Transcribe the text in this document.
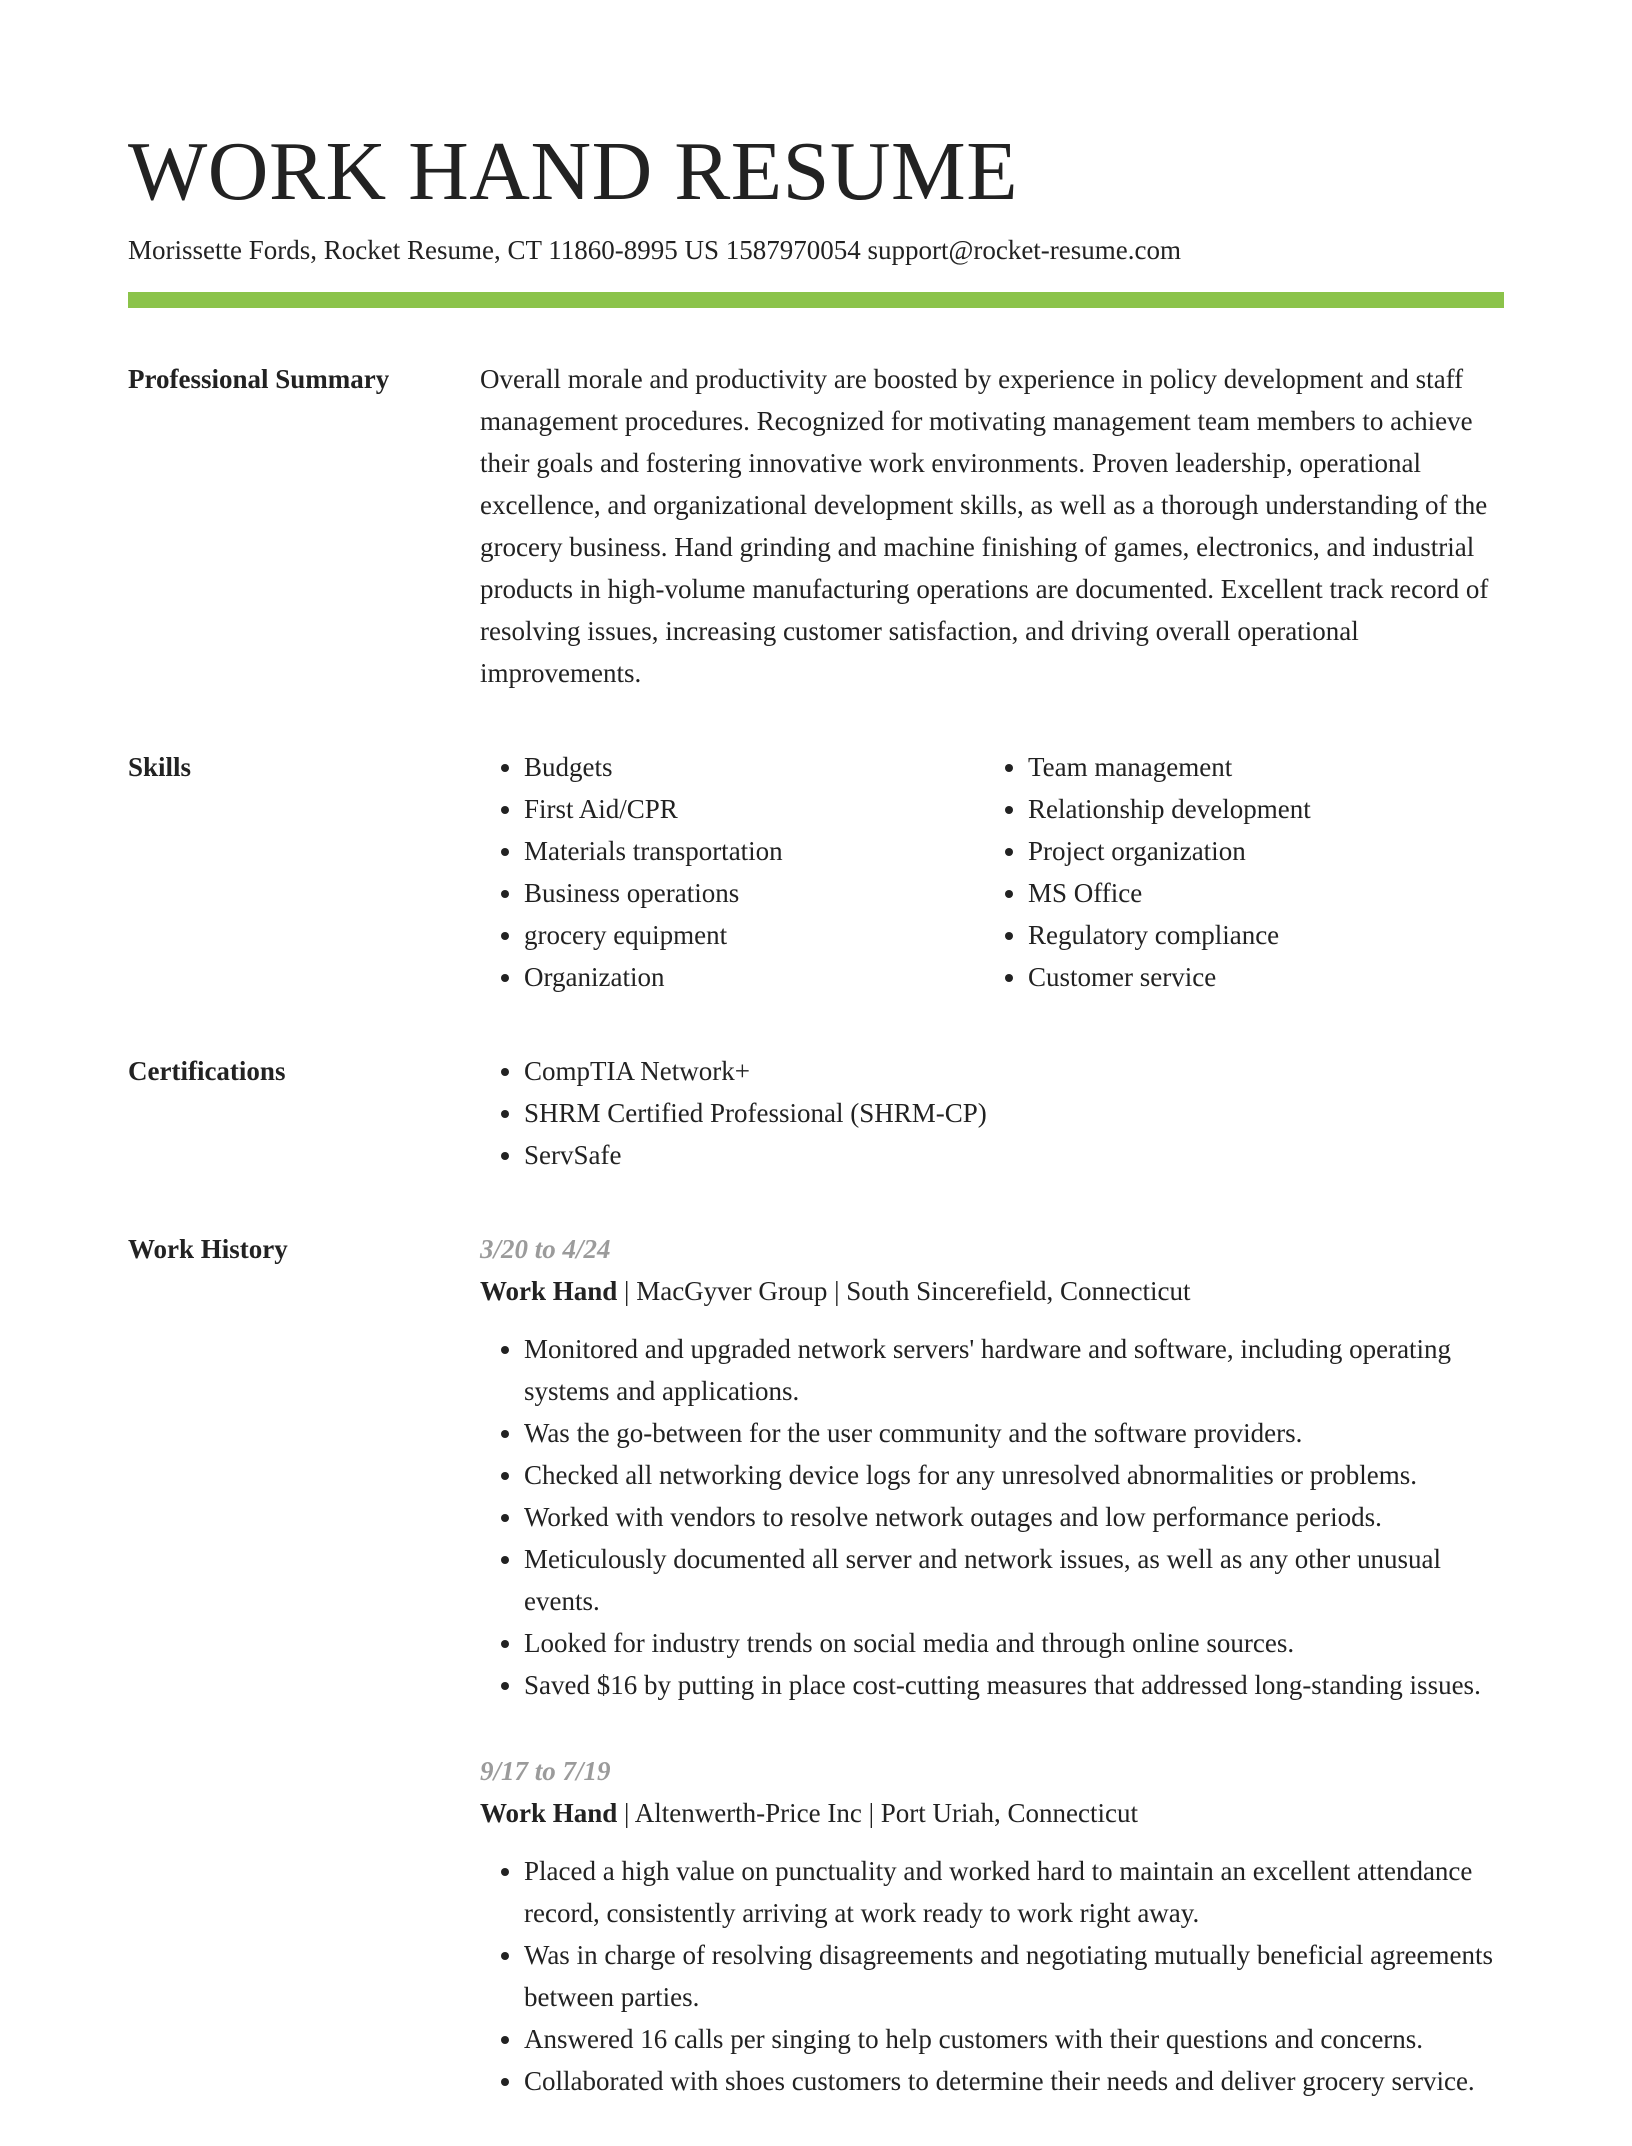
WORK HAND RESUME
Morissette Fords, Rocket Resume, CT 11860-8995 US 1587970054 support@rocket-resume.com
Professional Summary	Overall morale and productivity are boosted by experience in policy development and staff management procedures. Recognized for motivating management team members to achieve their goals and fostering innovative work environments. Proven leadership, operational excellence, and organizational development skills, as well as a thorough understanding of the grocery business. Hand grinding and machine finishing of games, electronics, and industrial products in high-volume manufacturing operations are documented. Excellent track record of resolving issues, increasing customer satisfaction, and driving overall operational improvements.

Skills	• Budgets
• First Aid/CPR
• Materials transportation
• Business operations
• grocery equipment
• Organization
• Team management
• Relationship development
• Project organization
• MS Office
• Regulatory compliance
• Customer service
Certifications	• CompTIA Network+
• SHRM Certified Professional (SHRM-CP)
• ServSafe
Work History	3/20 to 4/24
Work Hand | MacGyver Group | South Sincerefield, Connecticut
• Monitored and upgraded network servers' hardware and software, including operating systems and applications.
• Was the go-between for the user community and the software providers.
• Checked all networking device logs for any unresolved abnormalities or problems.
• Worked with vendors to resolve network outages and low performance periods.
• Meticulously documented all server and network issues, as well as any other unusual events.
• Looked for industry trends on social media and through online sources.
• Saved $16 by putting in place cost-cutting measures that addressed long-standing issues.
9/17 to 7/19
Work Hand | Altenwerth-Price Inc | Port Uriah, Connecticut
• Placed a high value on punctuality and worked hard to maintain an excellent attendance record, consistently arriving at work ready to work right away.
• Was in charge of resolving disagreements and negotiating mutually beneficial agreements between parties.
• Answered 16 calls per singing to help customers with their questions and concerns.
• Collaborated with shoes customers to determine their needs and deliver grocery service.
